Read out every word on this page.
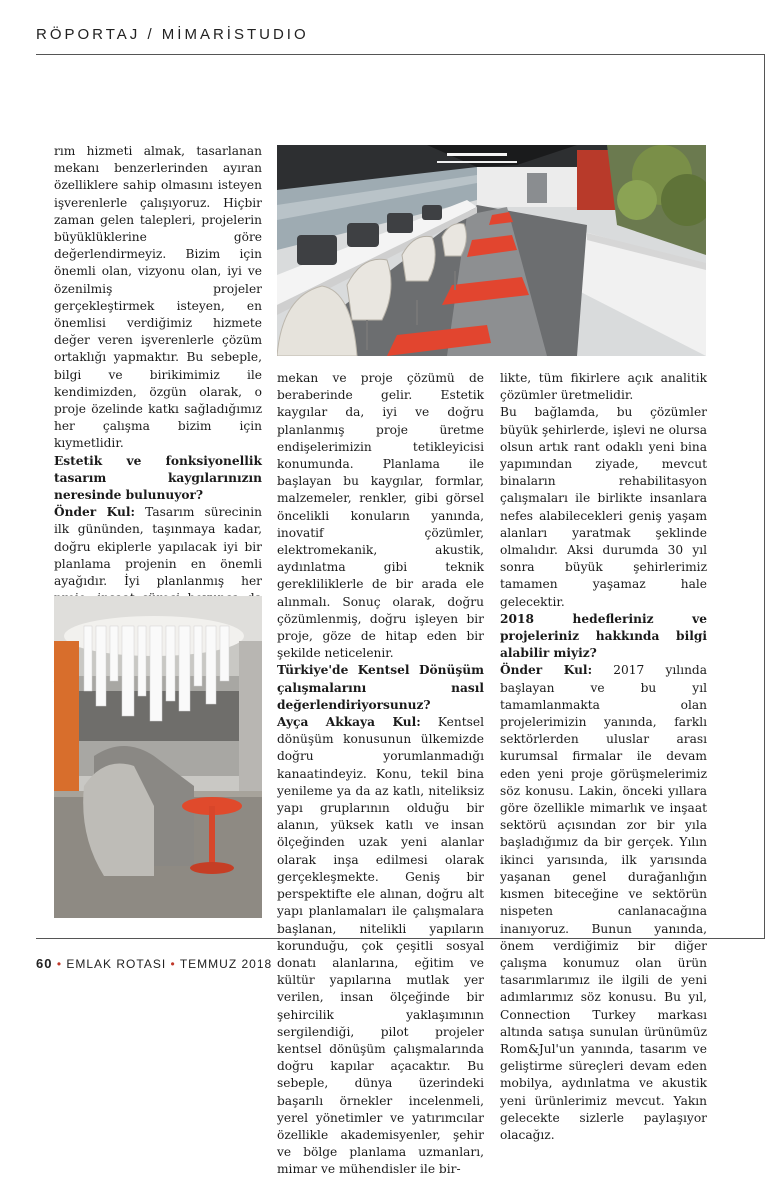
RÖPORTAJ / MİMARİSTUDIO

rım hizmeti almak, tasarlanan mekanı benzerlerinden ayıran özelliklere sahip olmasını isteyen işverenlerle çalışıyoruz. Hiçbir zaman gelen talepleri, projelerin büyüklüklerine göre değerlendirmeyiz. Bizim için önemli olan, vizyonu olan, iyi ve özenilmiş projeler gerçekleştirmek isteyen, en önemlisi verdiğimiz hizmete değer veren işverenlerle çözüm ortaklığı yapmaktır. Bu sebeple, bilgi ve birikimimiz ile kendimizden, özgün olarak, o proje özelinde katkı sağladığımız her çalışma bizim için kıymetlidir.

Estetik ve fonksiyonellik tasarım kaygılarınızın neresinde bulunuyor?

Önder Kul: Tasarım sürecinin ilk gününden, taşınmaya kadar, doğru ekiplerle yapılacak iyi bir planlama projenin en önemli ayağıdır. İyi planlanmış her

mekan ve proje çözümü de beraberinde gelir. Estetik kaygılar da, iyi ve doğru planlanmış proje üretme endişelerimizin tetikleyicisi konumunda. Planlama ile başlayan bu kaygılar, formlar, malzemeler, renkler, gibi görsel öncelikli konuların yanında, inovatif çözümler, elektromekanik, akustik, aydınlatma gibi teknik gerekliliklerle de bir arada ele alınmalı. Sonuç olarak, doğru çözümlenmiş, doğru işleyen bir proje, göze de hitap eden bir şekilde neticelenir.

Türkiye'de Kentsel Dönüşüm çalışmalarını nasıl değerlendiriyorsunuz?

Ayça Akkaya Kul: Kentsel dönüşüm konusunun ülkemizde doğru yorumlanmadığı kanaatindeyiz. Konu, tekil bina yenileme ya da az katlı, niteliksiz yapı gruplarının olduğu bir alanın, yüksek katlı ve insan ölçeğinden uzak yeni alanlar olarak inşa edilmesi olarak gerçekleşmekte. Geniş bir perspektifte ele alınan, doğru alt yapı planlamaları ile çalışmalara başlanan, nitelikli yapıların korunduğu, çok çeşitli sosyal donatı alanlarına, eğitim ve kültür yapılarına mutlak yer verilen, insan ölçeğinde bir şehircilik yaklaşımının sergilendiği, pilot projeler kentsel dönüşüm çalışmalarında doğru kapılar açacaktır. Bu sebeple, dünya üzerindeki başarılı örnekler incelenmeli, yerel yönetimler ve yatırımcılar özellikle akademisyenler, şehir ve bölge planlama uzmanları, mimar ve mühendisler ile bir-

likte, tüm fikirlere açık analitik çözümler üretmelidir.

Bu bağlamda, bu çözümler büyük şehirlerde, işlevi ne olursa olsun artık rant odaklı yeni bina yapımından ziyade, mevcut binaların rehabilitasyon çalışmaları ile birlikte insanlara nefes alabilecekleri geniş yaşam alanları yaratmak şeklinde olmalıdır. Aksi durumda 30 yıl sonra büyük şehirlerimiz tamamen yaşamaz hale gelecektir.

2018 hedefleriniz ve projeleriniz hakkında bilgi alabilir miyiz?

Önder Kul: 2017 yılında başlayan ve bu yıl tamamlanmakta olan projelerimizin yanında, farklı sektörlerden uluslar arası kurumsal firmalar ile devam eden yeni proje görüşmelerimiz söz konusu. Lakin, önceki yıllara göre özellikle mimarlık ve inşaat sektörü açısından zor bir yıla başladığımız da bir gerçek. Yılın ikinci yarısında, ilk yarısında yaşanan genel durağanlığın kısmen biteceğine ve sektörün nispeten canlanacağına inanıyoruz. Bunun yanında, önem verdiğimiz bir diğer çalışma konumuz olan ürün tasarımlarımız ile ilgili de yeni adımlarımız söz konusu. Bu yıl, Connection Turkey markası altında satışa sunulan ürünümüz Rom&Jul'un yanında, tasarım ve geliştirme süreçleri devam eden mobilya, aydınlatma ve akustik yeni ürünlerimiz mevcut. Yakın gelecekte sizlerle paylaşıyor olacağız.

60 • EMLAK ROTASI • TEMMUZ 2018
